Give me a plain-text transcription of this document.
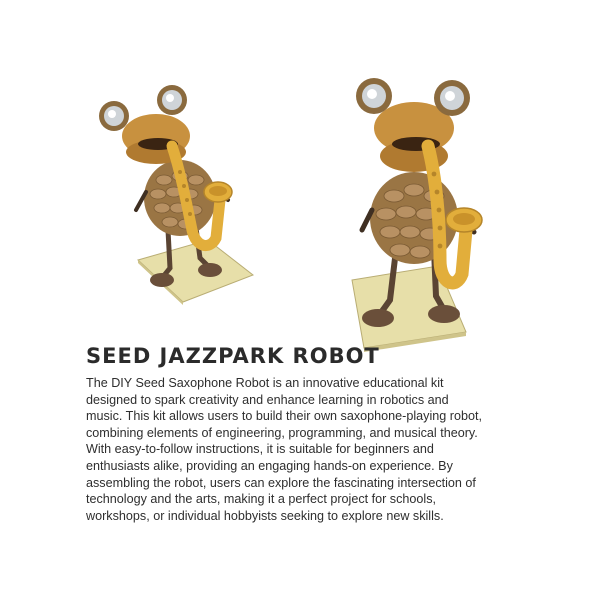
SEED JAZZPARK ROBOT

The DIY Seed Saxophone Robot is an innovative educational kit designed to spark creativity and enhance learning in robotics and music. This kit allows users to build their own saxophone-playing robot, combining elements of engineering, programming, and musical theory. With easy-to-follow instructions, it is suitable for beginners and enthusiasts alike, providing an engaging hands-on experience. By assembling the robot, users can explore the fascinating intersection of technology and the arts, making it a perfect project for schools, workshops, or individual hobbyists seeking to explore new skills.
